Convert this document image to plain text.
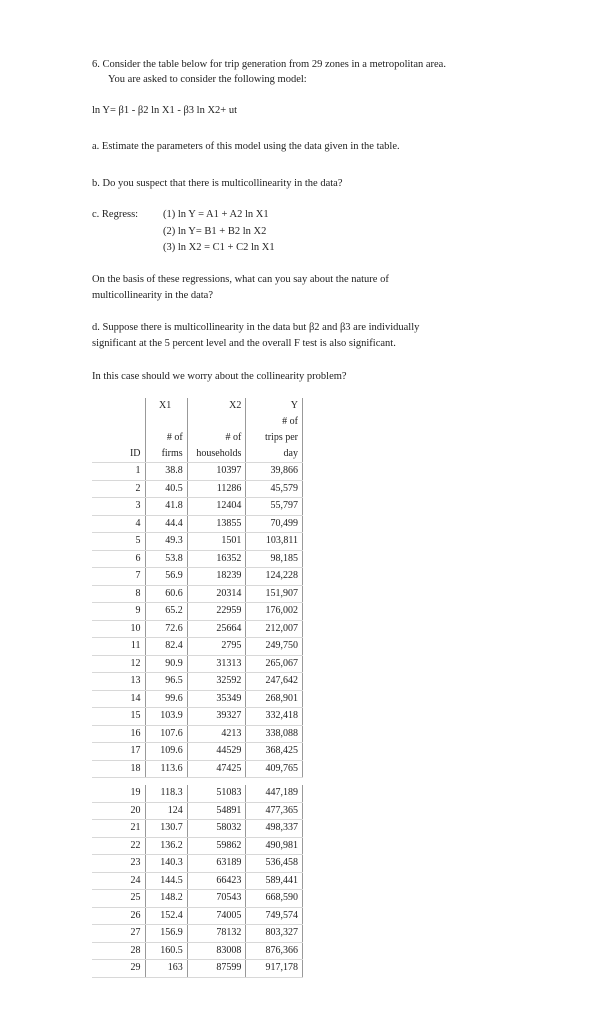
6. Consider the table below for trip generation from 29 zones in a metropolitan area.
You are asked to consider the following model:
ln Y= β1 - β2 ln X1 - β3 ln X2+ ut
a. Estimate the parameters of this model using the data given in the table.
b. Do you suspect that there is multicollinearity in the data?
c. Regress: (1) ln Y = A1 + A2 ln X1
(2) ln Y= B1 + B2 ln X2
(3) ln X2 = C1 + C2 ln X1
On the basis of these regressions, what can you say about the nature of
multicollinearity in the data?
d. Suppose there is multicollinearity in the data but β2 and β3 are individually
significant at the 5 percent level and the overall F test is also significant.
In this case should we worry about the collinearity problem?
	X1	X2	Y
			# of
	# of	# of	trips per
ID	firms	households	day
1	38.8	10397	39,866
2	40.5	11286	45,579
3	41.8	12404	55,797
4	44.4	13855	70,499
5	49.3	1501	103,811
6	53.8	16352	98,185
7	56.9	18239	124,228
8	60.6	20314	151,907
9	65.2	22959	176,002
10	72.6	25664	212,007
11	82.4	2795	249,750
12	90.9	31313	265,067
13	96.5	32592	247,642
14	99.6	35349	268,901
15	103.9	39327	332,418
16	107.6	4213	338,088
17	109.6	44529	368,425
18	113.6	47425	409,765
19	118.3	51083	447,189
20	124	54891	477,365
21	130.7	58032	498,337
22	136.2	59862	490,981
23	140.3	63189	536,458
24	144.5	66423	589,441
25	148.2	70543	668,590
26	152.4	74005	749,574
27	156.9	78132	803,327
28	160.5	83008	876,366
29	163	87599	917,178
